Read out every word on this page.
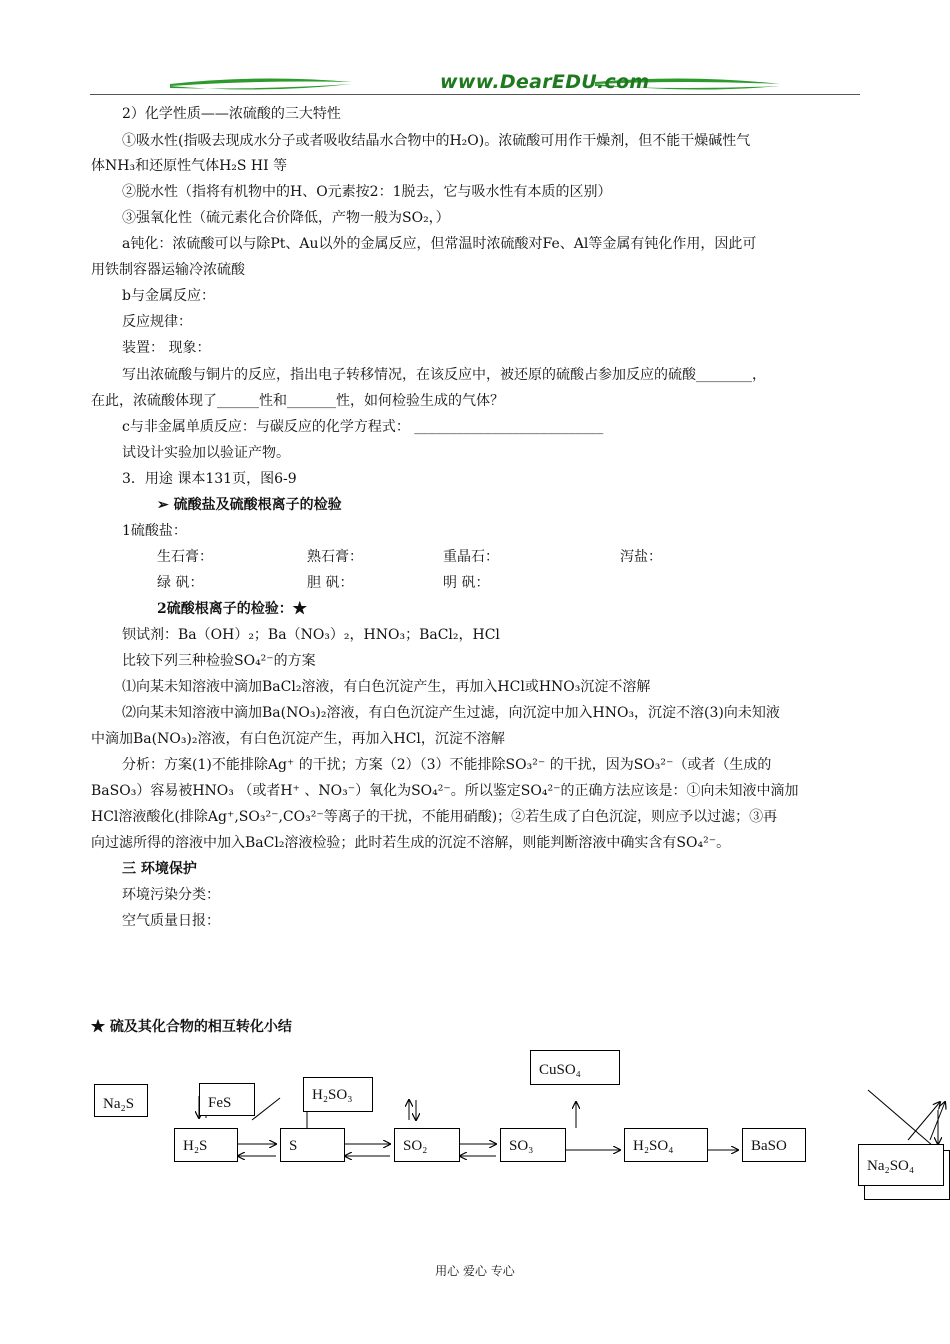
www.DearEDU.com
2）化学性质——浓硫酸的三大特性
①吸水性(指吸去现成水分子或者吸收结晶水合物中的H₂O)。浓硫酸可用作干燥剂，但不能干燥碱性气
体NH₃和还原性气体H₂S HI 等
②脱水性（指将有机物中的H、O元素按2：1脱去，它与吸水性有本质的区别）
③强氧化性（硫元素化合价降低，产物一般为SO₂，）
a钝化：浓硫酸可以与除Pt、Au以外的金属反应，但常温时浓硫酸对Fe、Al等金属有钝化作用，因此可
用铁制容器运输冷浓硫酸
b与金属反应：
反应规律：
装置： 现象：
写出浓硫酸与铜片的反应，指出电子转移情况，在该反应中，被还原的硫酸占参加反应的硫酸________，
在此，浓硫酸体现了______性和_______性，如何检验生成的气体？
c与非金属单质反应：与碳反应的化学方程式： ___________________________
试设计实验加以验证产物。
3．用途 课本131页，图6-9
➢ 硫酸盐及硫酸根离子的检验
1硫酸盐：
生石膏：	熟石膏：	重晶石：	泻盐：
绿 矾：	胆 矾：	明 矾：
2硫酸根离子的检验：★
钡试剂：Ba（OH）₂；Ba（NO₃）₂，HNO₃；BaCl₂，HCl
比较下列三种检验SO₄²⁻的方案
⑴向某未知溶液中滴加BaCl₂溶液，有白色沉淀产生，再加入HCl或HNO₃沉淀不溶解
⑵向某未知溶液中滴加Ba(NO₃)₂溶液，有白色沉淀产生过滤，向沉淀中加入HNO₃，沉淀不溶(3)向未知液
中滴加Ba(NO₃)₂溶液，有白色沉淀产生，再加入HCl，沉淀不溶解
分析：方案(1)不能排除Ag⁺ 的干扰；方案（2）（3）不能排除SO₃²⁻ 的干扰，因为SO₃²⁻（或者（生成的
BaSO₃）容易被HNO₃ （或者H⁺ 、NO₃⁻）氧化为SO₄²⁻。所以鉴定SO₄²⁻的正确方法应该是：①向未知液中滴加
HCl溶液酸化(排除Ag⁺,SO₃²⁻,CO₃²⁻等离子的干扰，不能用硝酸)；②若生成了白色沉淀，则应予以过滤；③再
向过滤所得的溶液中加入BaCl₂溶液检验；此时若生成的沉淀不溶解，则能判断溶液中确实含有SO₄²⁻。
三 环境保护
环境污染分类：
空气质量日报：
★ 硫及其化合物的相互转化小结
CuSO₄
Na₂S	FeS	H₂SO₃
H₂S	S	SO₂	SO₃	H₂SO₄	BaSO
Na₂SO₄
用心 爱心 专心
